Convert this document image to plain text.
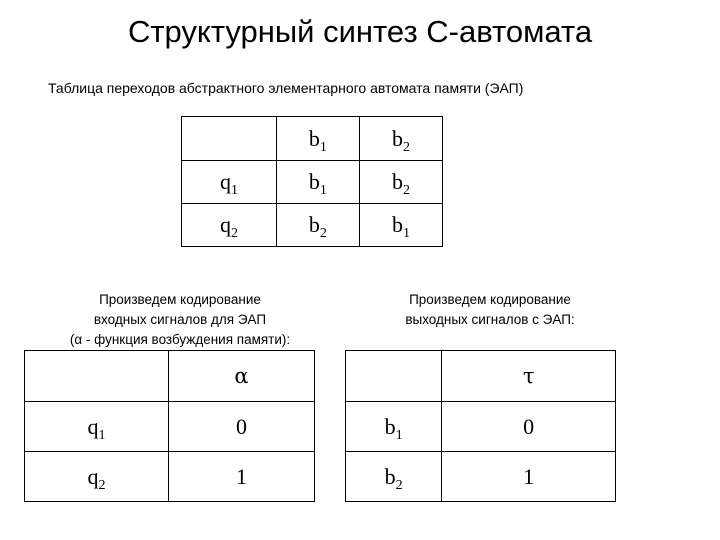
Структурный синтез С-автомата
Таблица переходов абстрактного элементарного автомата памяти (ЭАП)
	$b_1$	$b_2$
$q_1$	$b_1$	$b_2$
$q_2$	$b_2$	$b_1$
Произведем кодирование
входных сигналов для ЭАП
(α - функция возбуждения памяти):
Произведем кодирование
выходных сигналов с ЭАП:
	α
$q_1$	0
$q_2$	1
	τ
$b_1$	0
$b_2$	1
